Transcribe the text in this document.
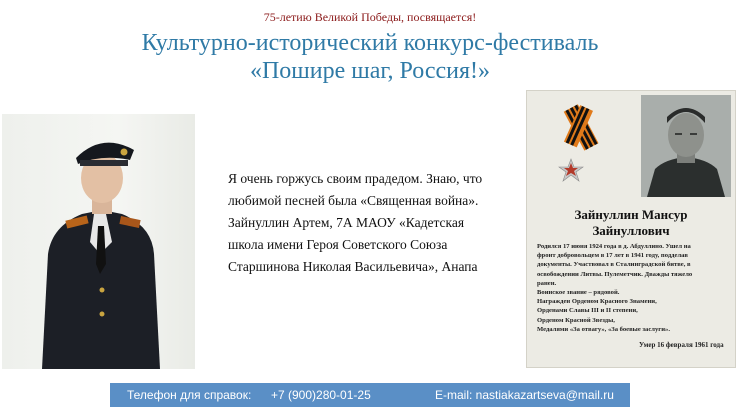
75-летию Великой Победы, посвящается!
Культурно-исторический конкурс-фестиваль
«Пошире шаг, Россия!»
Я очень горжусь своим прадедом. Знаю, что
любимой песней была «Священная война».
Зайнуллин Артем, 7А МАОУ «Кадетская
школа имени Героя Советского Союза
Старшинова Николая Васильевича», Анапа
Зайнуллин Мансур
Зайнуллович

Родился 17 июня 1924 года в д. Абдуллино. Ушел на

фронт добровольцем в 17 лет в 1941 году, подделав

документы. Участвовал в Сталинградской битве, в

освобождении Литвы. Пулеметчик. Дважды тяжело

ранен.

Воинское звание – рядовой.

Награжден Орденом Красного Знамени,

Орденами Славы III и II степени,

Орденом Красной Звезды,

Медалями «За отвагу», «За боевые заслуги».

Умер 16 февраля 1961 года
Телефон для справок: +7 (900)280-01-25	E-mail: nastiakazartseva@mail.ru
